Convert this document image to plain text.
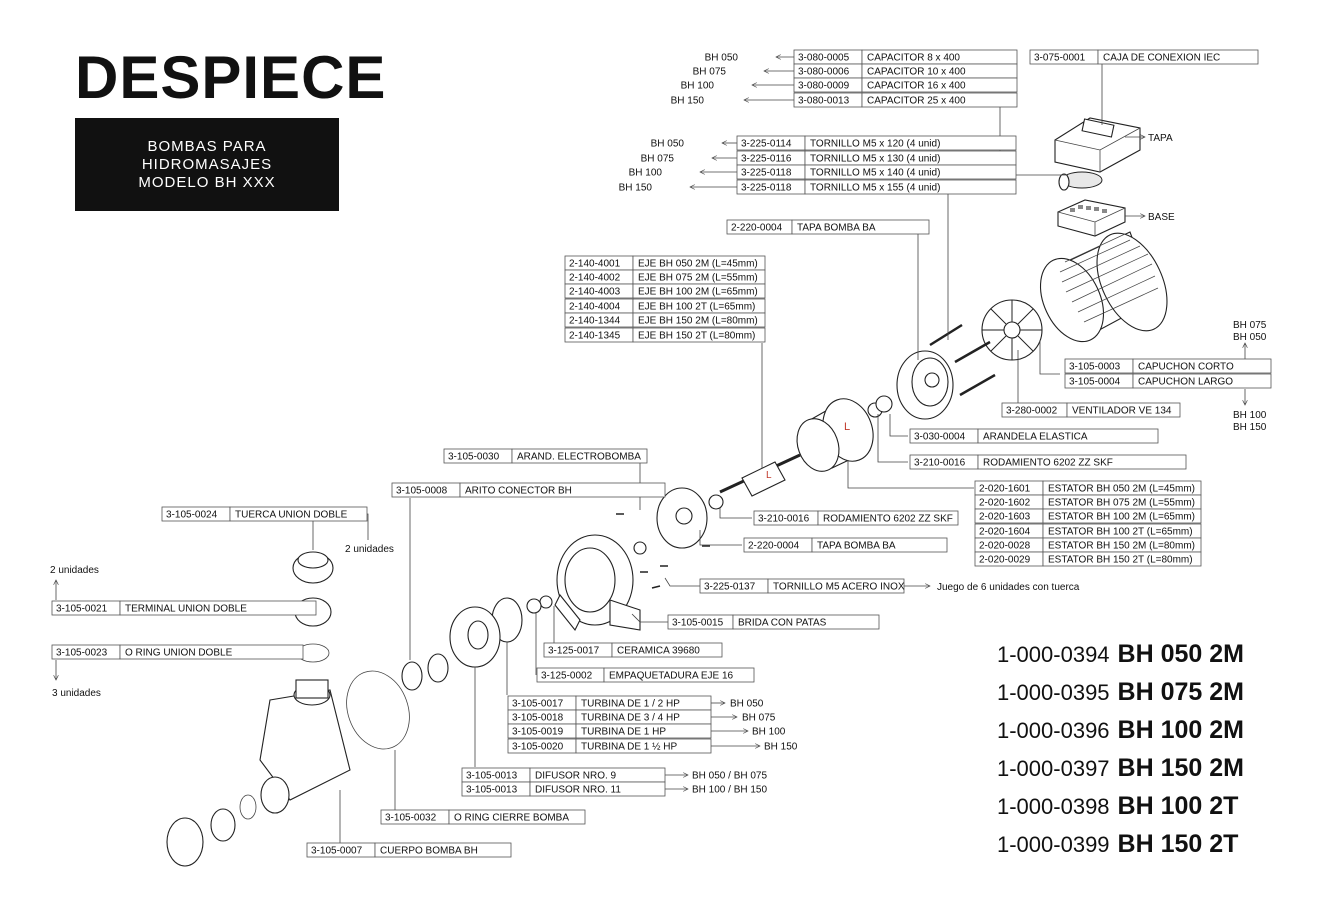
DESPIECE
BOMBAS PARA
HIDROMASAJES
MODELO BH XXX
L
L
3-080-0005 CAPACITOR 8 x 400
BH 050
3-080-0006 CAPACITOR 10 x 400
BH 075
3-080-0009 CAPACITOR 16 x 400
BH 100
3-080-0013 CAPACITOR 25 x 400
BH 150
3-075-0001 CAJA DE CONEXION IEC
3-225-0114 TORNILLO M5 x 120 (4 unid)
BH 050
3-225-0116 TORNILLO M5 x 130 (4 unid)
BH 075
3-225-0118 TORNILLO M5 x 140 (4 unid)
BH 100
3-225-0118 TORNILLO M5 x 155 (4 unid)
BH 150
2-220-0004 TAPA BOMBA BA
2-140-4001 EJE BH 050 2M (L=45mm)
2-140-4002 EJE BH 075 2M (L=55mm)
2-140-4003 EJE BH 100 2M (L=65mm)
2-140-4004 EJE BH 100 2T (L=65mm)
2-140-1344 EJE BH 150 2M (L=80mm)
2-140-1345 EJE BH 150 2T (L=80mm)
3-105-0003 CAPUCHON CORTO
3-105-0004 CAPUCHON LARGO
3-280-0002 VENTILADOR VE 134
3-030-0004 ARANDELA ELASTICA
3-210-0016 RODAMIENTO 6202 ZZ SKF
3-105-0030 ARAND. ELECTROBOMBA
3-105-0008 ARITO CONECTOR BH	2-020-1601 ESTATOR BH 050 2M (L=45mm)
2-020-1602 ESTATOR BH 075 2M (L=55mm)
2-020-1603 ESTATOR BH 100 2M (L=65mm)
2-020-1604 ESTATOR BH 100 2T (L=65mm)
2-020-0028 ESTATOR BH 150 2M (L=80mm)
2-020-0029 ESTATOR BH 150 2T (L=80mm)
3-105-0024 TUERCA UNION DOBLE	3-210-0016 RODAMIENTO 6202 ZZ SKF
2-220-0004 TAPA BOMBA BA
3-225-0137 TORNILLO M5 ACERO INOX
3-105-0021 TERMINAL UNION DOBLE
3-105-0015 BRIDA CON PATAS
3-105-0023 O RING UNION DOBLE	3-125-0017 CERAMICA 39680
3-125-0002 EMPAQUETADURA EJE 16
3-105-0017 TURBINA DE 1 / 2 HP	BH 050
3-105-0018 TURBINA DE 3 / 4 HP	BH 075
3-105-0019 TURBINA DE 1 HP	BH 100
3-105-0020 TURBINA DE 1 ½ HP	BH 150
3-105-0013 DIFUSOR NRO. 9	BH 050 / BH 075
3-105-0013 DIFUSOR NRO. 11	BH 100 / BH 150
3-105-0032 O RING CIERRE BOMBA
3-105-0007 CUERPO BOMBA BH
TAPA
BASE
BH 075
BH 050
BH 100
BH 150
2 unidades
2 unidades
3 unidades
Juego de 6 unidades con tuerca
1-000-0394 BH 050 2M
1-000-0395 BH 075 2M
1-000-0396 BH 100 2M
1-000-0397 BH 150 2M
1-000-0398 BH 100 2T
1-000-0399 BH 150 2T
